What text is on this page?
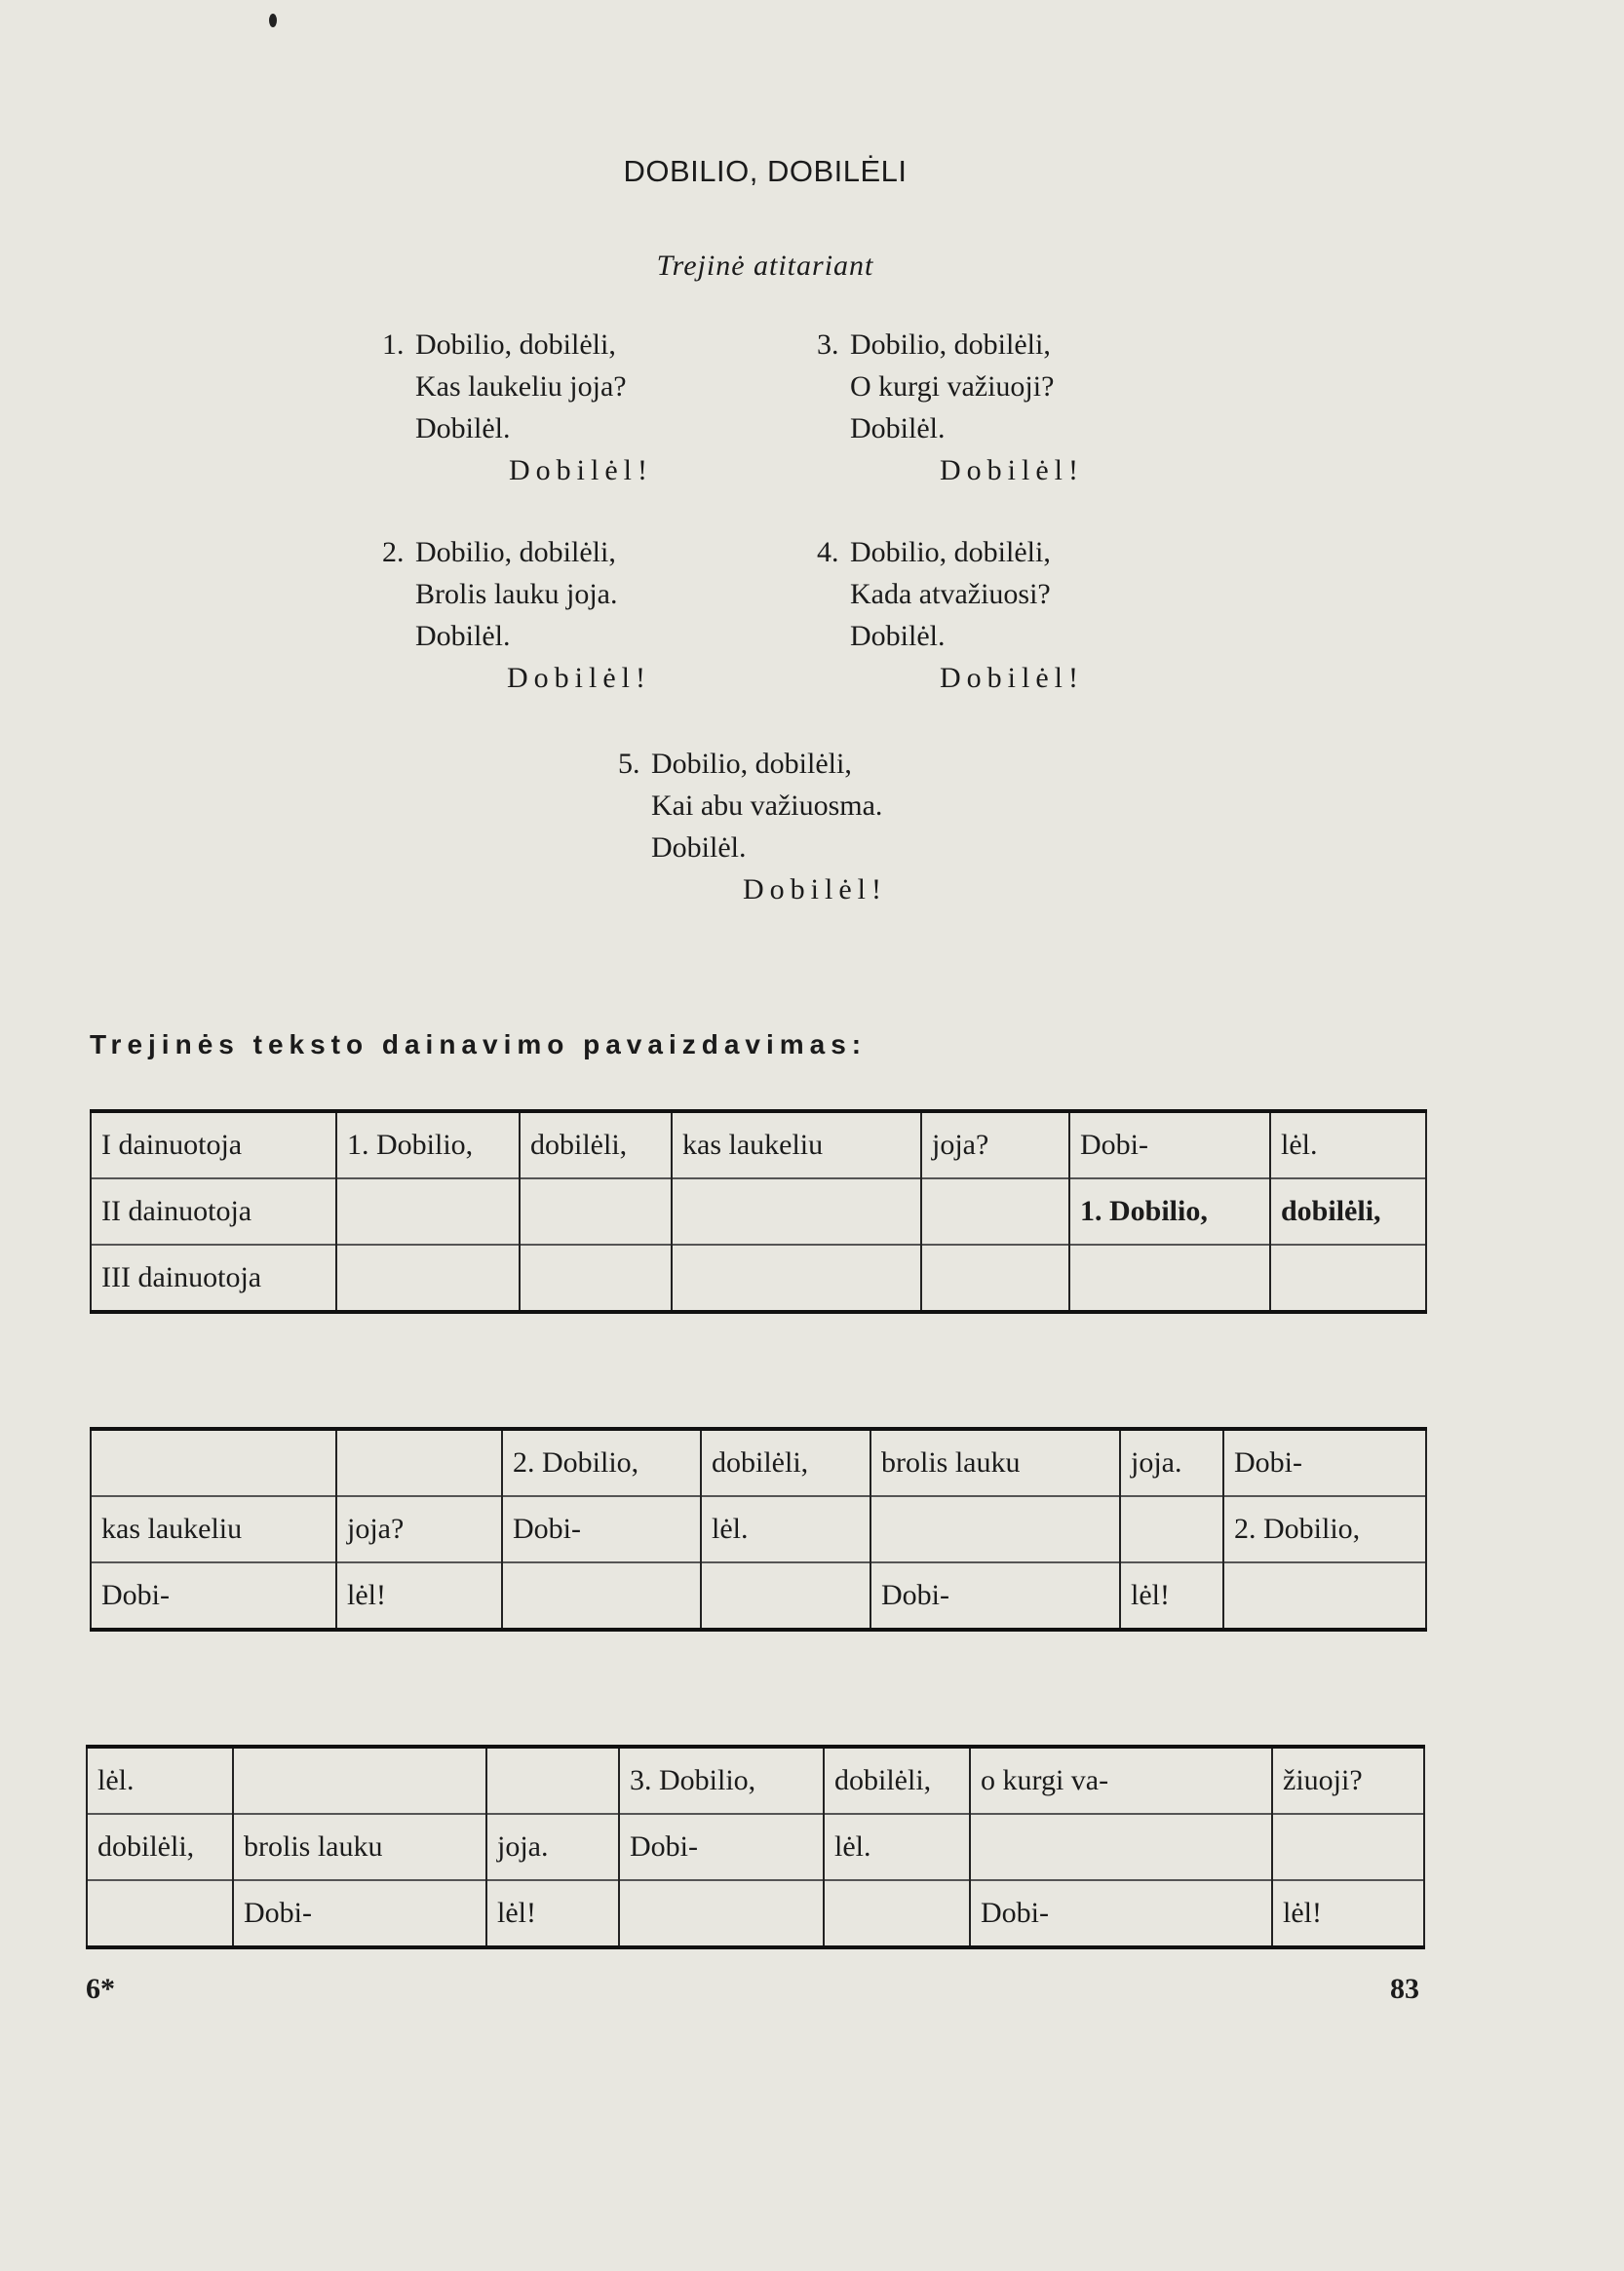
DOBILIO, DOBILĖLI
Trejinė atitariant
1. Dobilio, dobilėli,
Kas laukeliu joja?
Dobilėl.
Dobilėl!
3. Dobilio, dobilėli,
O kurgi važiuoji?
Dobilėl.
Dobilėl!
2. Dobilio, dobilėli,
Brolis lauku joja.
Dobilėl.
Dobilėl!
4. Dobilio, dobilėli,
Kada atvažiuosi?
Dobilėl.
Dobilėl!
5. Dobilio, dobilėli,
Kai abu važiuosma.
Dobilėl.
Dobilėl!
Trejinės teksto dainavimo pavaizdavimas:
I dainuotoja	1. Dobilio,	dobilėli,	kas laukeliu	joja?	Dobi-	lėl.
II dainuotoja					1. Dobilio,	dobilėli,
III dainuotoja						
		2. Dobilio,	dobilėli,	brolis lauku	joja.	Dobi-
kas laukeliu	joja?	Dobi-	lėl.			2. Dobilio,
Dobi-	lėl!			Dobi-	lėl!	
lėl.			3. Dobilio,	dobilėli,	o kurgi va-	žiuoji?
dobilėli,	brolis lauku	joja.	Dobi-	lėl.		
	Dobi-	lėl!			Dobi-	lėl!
6*	83
